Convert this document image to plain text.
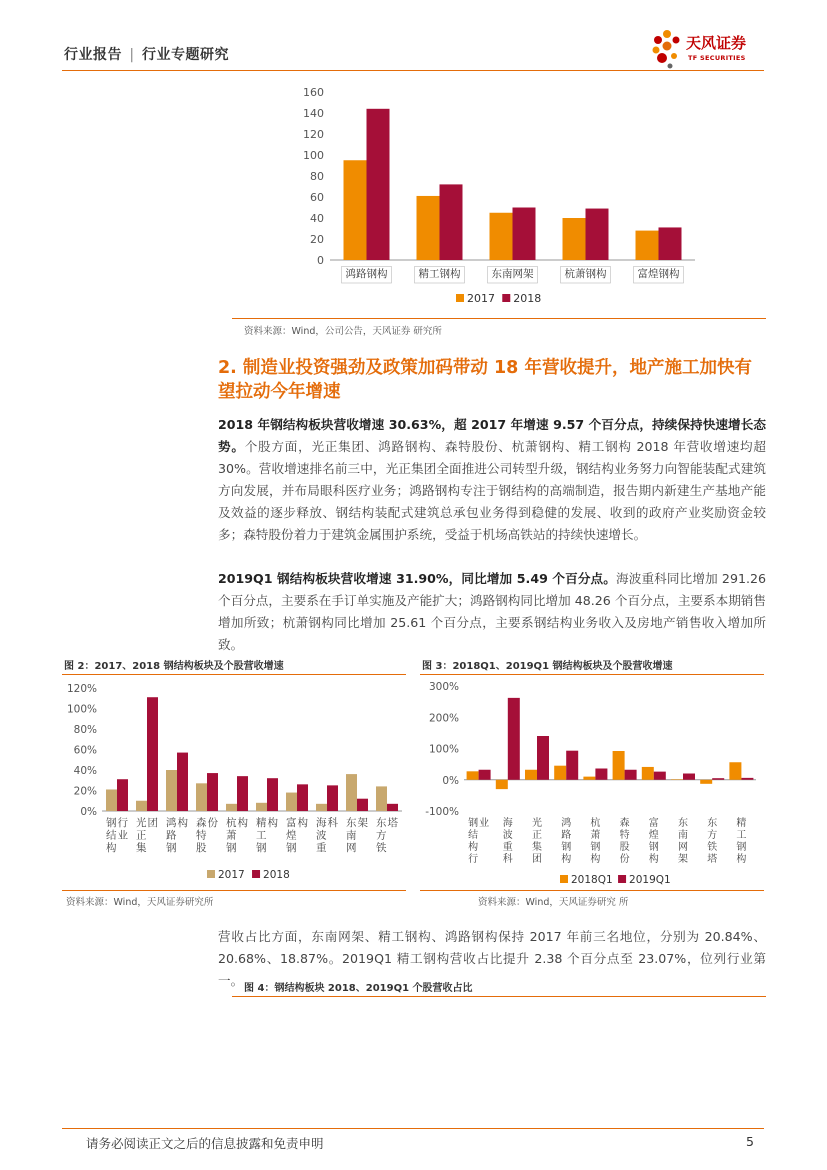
行业报告 | 行业专题研究
天风证券
TF SECURITIES
0
20
40
60
80
100
120
140
160
鸿路钢构	精工钢构	东南网架	杭萧钢构	富煌钢构
2017 2018
资料来源：Wind，公司公告，天风证券 研究所
2. 制造业投资强劲及政策加码带动 18 年营收提升，地产施工加快有望拉动今年增速
2018 年钢结构板块营收增速 30.63%，超 2017 年增速 9.57 个百分点，持续保持快速增长态势。个股方面，光正集团、鸿路钢构、森特股份、杭萧钢构、精工钢构 2018 年营收增速均超 30%。营收增速排名前三中，光正集团全面推进公司转型升级，钢结构业务努力向智能装配式建筑方向发展，并布局眼科医疗业务；鸿路钢构专注于钢结构的高端制造，报告期内新建生产基地产能及效益的逐步释放、钢结构装配式建筑总承包业务得到稳健的发展、收到的政府产业奖励资金较多；森特股份着力于建筑金属围护系统，受益于机场高铁站的持续快速增长。
2019Q1 钢结构板块营收增速 31.90%，同比增加 5.49 个百分点。海波重科同比增加 291.26 个百分点，主要系在手订单实施及产能扩大；鸿路钢构同比增加 48.26 个百分点，主要系本期销售增加所致；杭萧钢构同比增加 25.61 个百分点，主要系钢结构业务收入及房地产销售收入增加所致。
图 2：2017、2018 钢结构板块及个股营收增速
0%
20%
40%
60%
80%
100%
120%
钢结构行业
光正集团 鸿路钢构 森特股份 杭萧钢构 精工钢构 富煌钢构 海波重科 东南网架 东方铁塔
2017 2018
资料来源：Wind，天风证券研究所
图 3：2018Q1、2019Q1 钢结构板块及个股营收增速
-100%
0%
100%
200%
300%
钢结构行业 海波重科
光正集团
鸿路钢构
杭萧钢构
森特股份
富煌钢构
东南网架
东方铁塔
精工钢构
2018Q1 2019Q1
资料来源：Wind，天风证券研究 所
营收占比方面，东南网架、精工钢构、鸿路钢构保持 2017 年前三名地位，分别为 20.84%、20.68%、18.87%。2019Q1 精工钢构营收占比提升 2.38 个百分点至 23.07%，位列行业第一。
图 4：钢结构板块 2018、2019Q1 个股营收占比
请务必阅读正文之后的信息披露和免责申明	5
